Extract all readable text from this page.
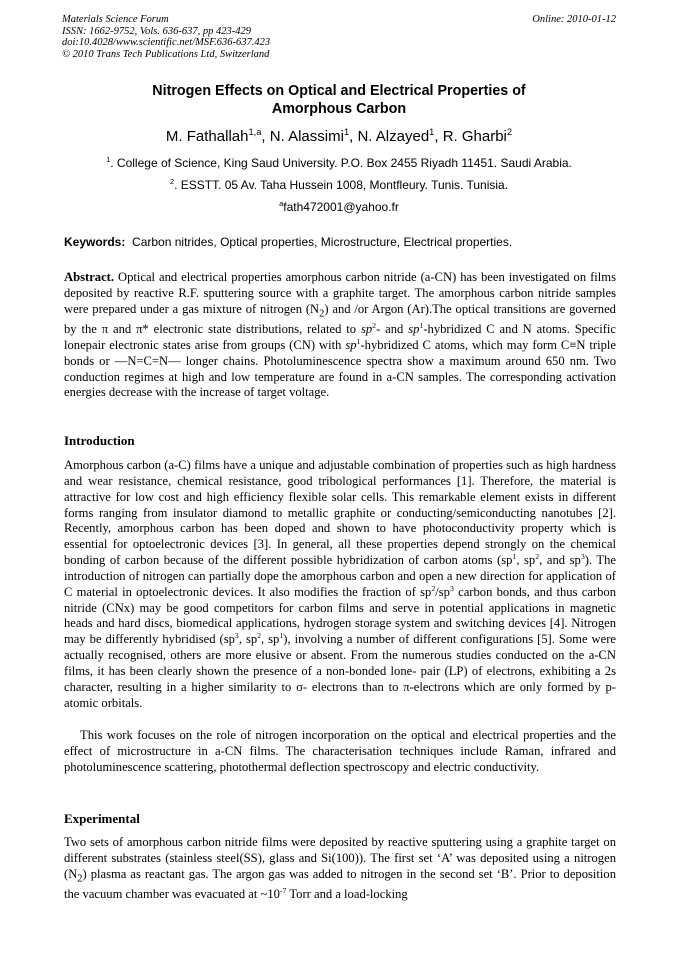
Materials Science Forum
ISSN: 1662-9752, Vols. 636-637, pp 423-429
doi:10.4028/www.scientific.net/MSF.636-637.423
© 2010 Trans Tech Publications Ltd, Switzerland
Online: 2010-01-12
Nitrogen Effects on Optical and Electrical Properties of
Amorphous Carbon
M. Fathallah$^{1,a}$, N. Alassimi$^1$, N. Alzayed$^1$, R. Gharbi$^2$
$^1$. College of Science, King Saud University. P.O. Box 2455 Riyadh 11451. Saudi Arabia.
$^2$. ESSTT. 05 Av. Taha Hussein 1008, Montfleury. Tunis. Tunisia.
$^a$fath472001@yahoo.fr
Keywords: Carbon nitrides, Optical properties, Microstructure, Electrical properties.
Abstract. Optical and electrical properties amorphous carbon nitride (a-CN) has been investigated on films deposited by reactive R.F. sputtering source with a graphite target. The amorphous carbon nitride samples were prepared under a gas mixture of nitrogen $(N_2)$ and /or Argon (Ar).The optical transitions are governed by the π and π* electronic state distributions, related to $sp^2-$ and $sp^1$-hybridized C and N atoms. Specific lonepair electronic states arise from groups (CN) with $sp^1$-hybridized C atoms, which may form C≡N triple bonds or —N=C=N— longer chains. Photoluminescence spectra show a maximum around 650 nm. Two conduction regimes at high and low temperature are found in a-CN samples. The corresponding activation energies decrease with the increase of target voltage.
Introduction
Amorphous carbon (a-C) films have a unique and adjustable combination of properties such as high hardness and wear resistance, chemical resistance, good tribological performances [1]. Therefore, the material is attractive for low cost and high efficiency flexible solar cells. This remarkable element exists in different forms ranging from insulator diamond to metallic graphite or conducting/semiconducting nanotubes [2]. Recently, amorphous carbon has been doped and shown to have photoconductivity property which is essential for optoelectronic devices [3]. In general, all these properties depend strongly on the chemical bonding of carbon because of the different possible hybridization of carbon atoms ($sp^1$, $sp^2$, and $sp^3$). The introduction of nitrogen can partially dope the amorphous carbon and open a new direction for application of C material in optoelectronic devices. It also modifies the fraction of $sp^2/sp^3$ carbon bonds, and thus carbon nitride (CNx) may be good competitors for carbon films and serve in potential applications in magnetic heads and hard discs, biomedical applications, hydrogen storage system and switching devices [4]. Nitrogen may be differently hybridised ($sp^3$, $sp^2$, $sp^1$), involving a number of different configurations [5]. Some were actually recognised, others are more elusive or absent. From the numerous studies conducted on the a-CN films, it has been clearly shown the presence of a non-bonded lone- pair (LP) of electrons, exhibiting a 2s character, resulting in a higher similarity to σ- electrons than to π-electrons which are only formed by p-atomic orbitals.
This work focuses on the role of nitrogen incorporation on the optical and electrical properties and the effect of microstructure in a-CN films. The characterisation techniques include Raman, infrared and photoluminescence scattering, photothermal deflection spectroscopy and electric conductivity.
Experimental
Two sets of amorphous carbon nitride films were deposited by reactive sputtering using a graphite target on different substrates (stainless steel(SS), glass and Si(100)). The first set ‘A’ was deposited using a nitrogen $(N_2)$ plasma as reactant gas. The argon gas was added to nitrogen in the second set ‘B’. Prior to deposition the vacuum chamber was evacuated at $\sim 10^{-7}$ Torr and a load-locking
